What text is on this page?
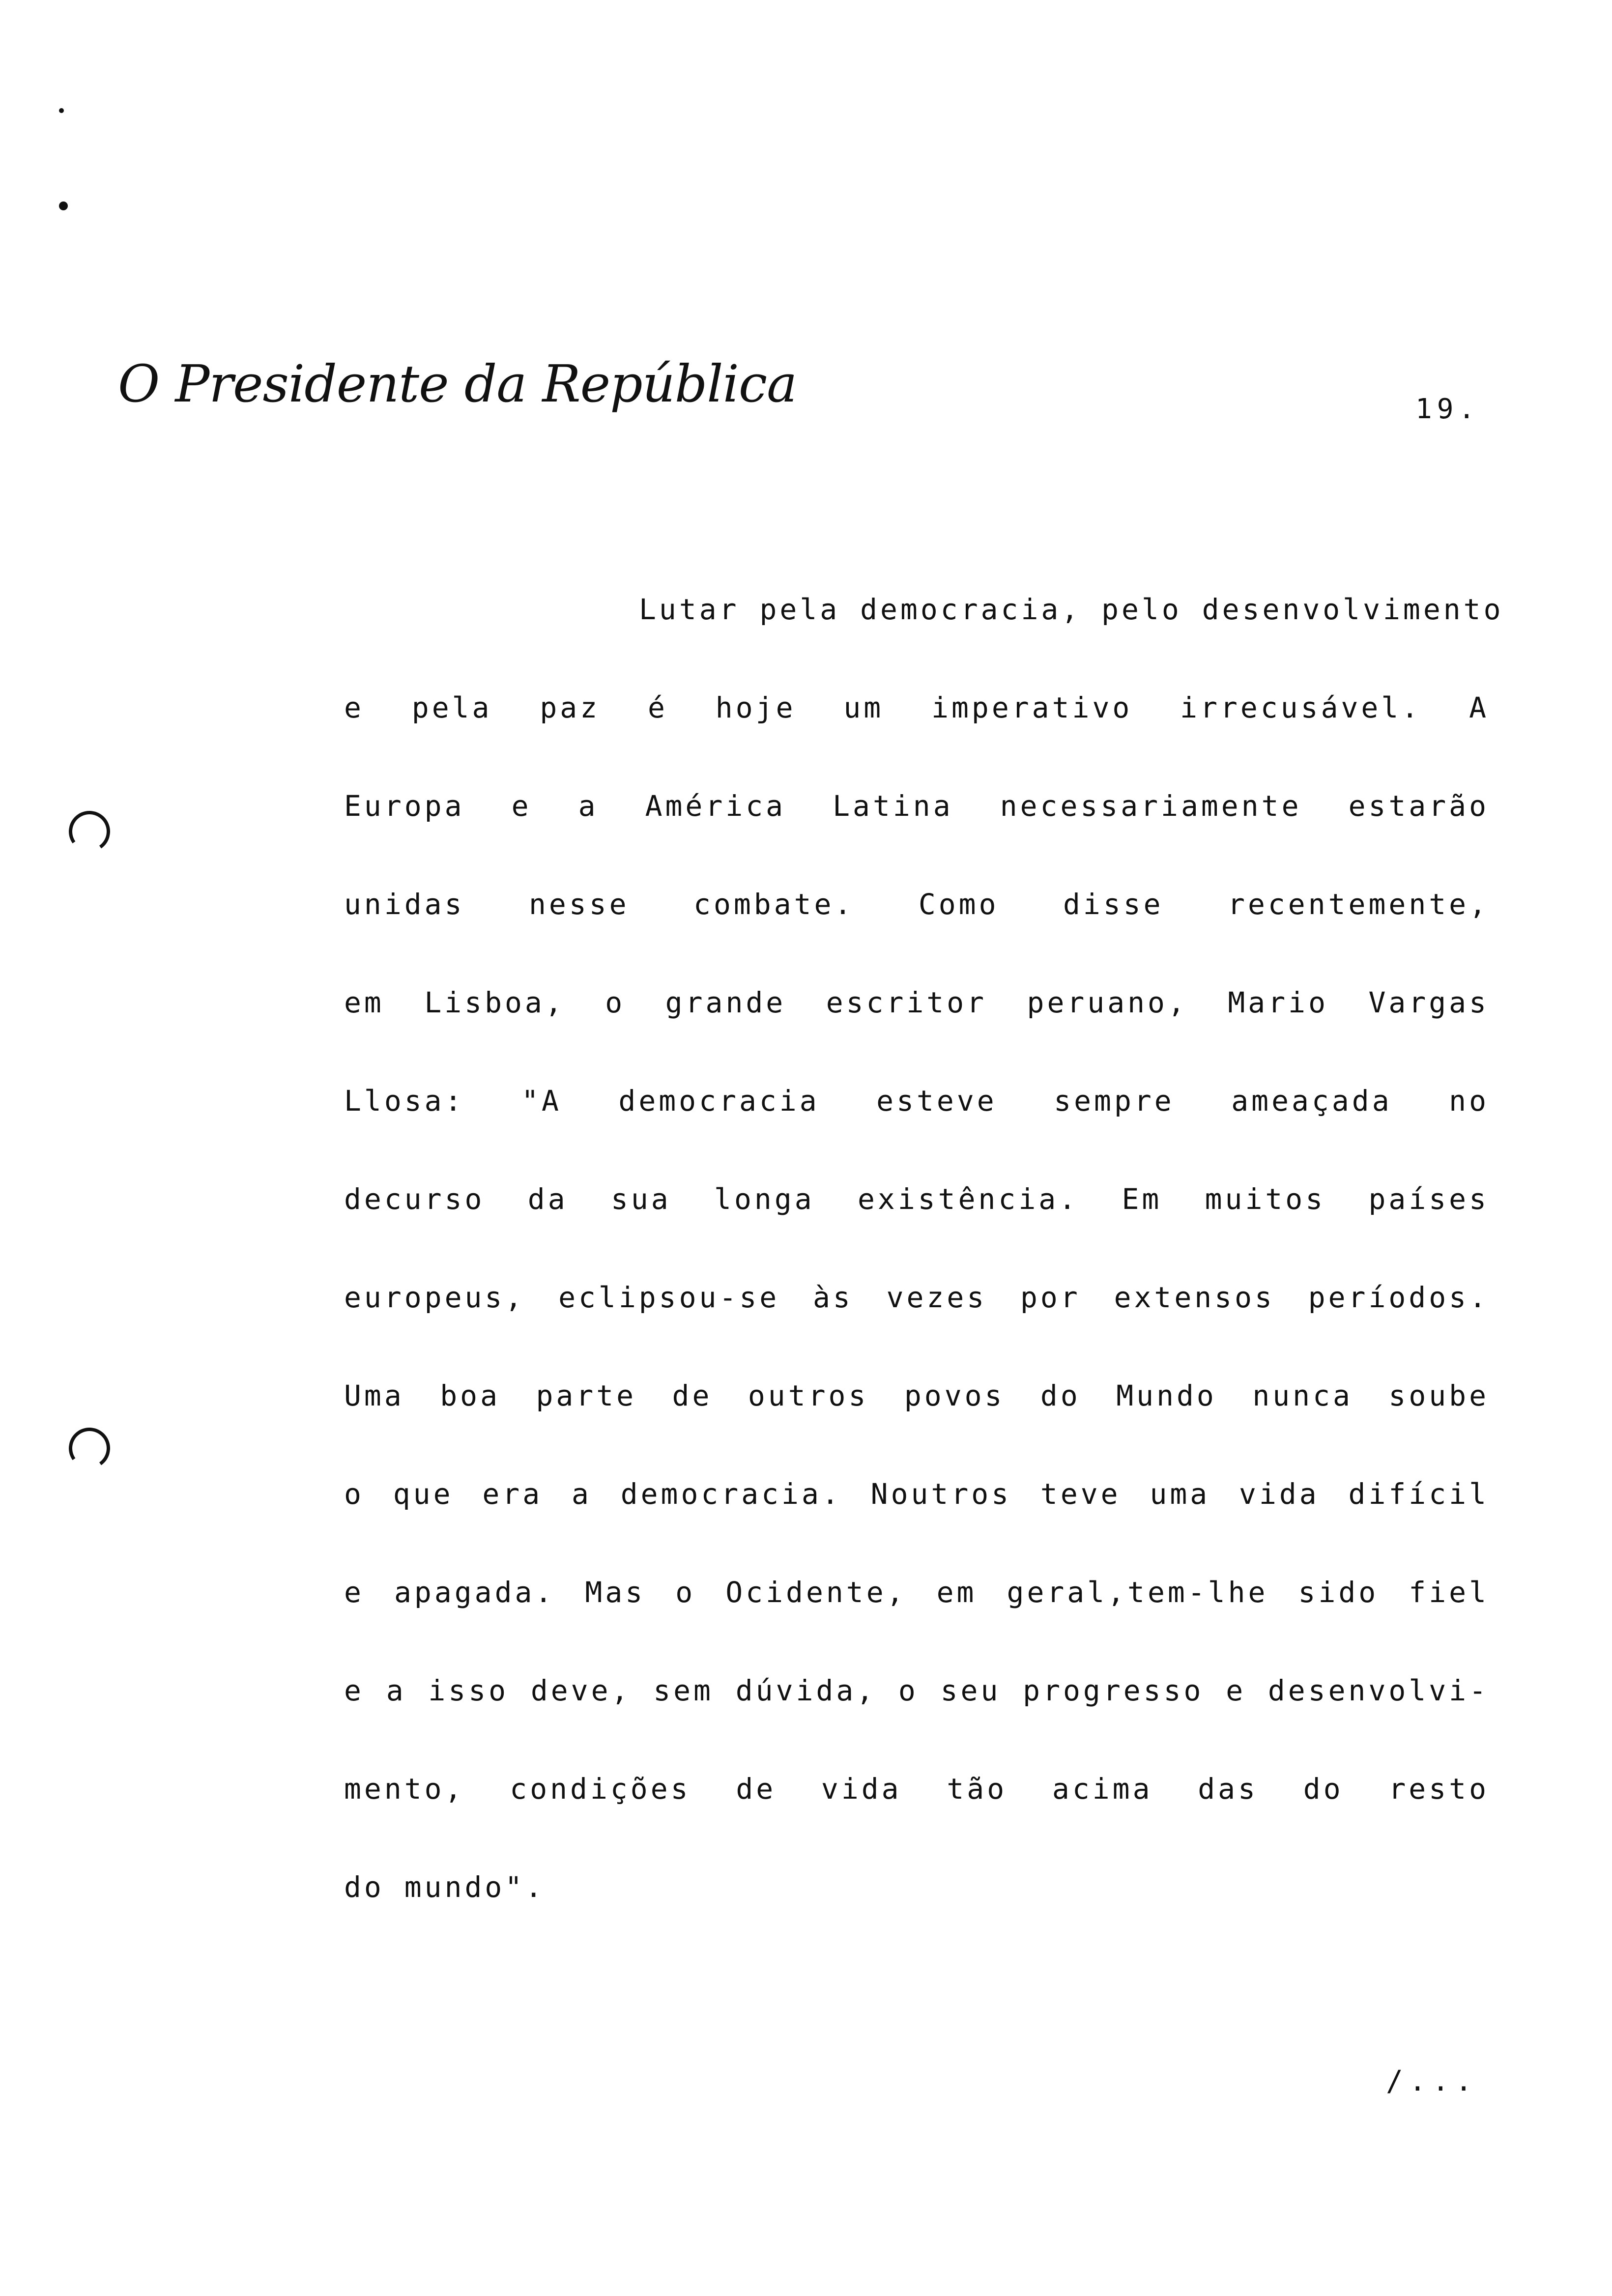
O Presidente da República	19.
Lutar pela democracia, pelo desenvolvimento
e pela paz é hoje um imperativo irrecusável. A
Europa e a América Latina necessariamente estarão
unidas nesse combate. Como disse recentemente,
em Lisboa, o grande escritor peruano, Mario Vargas
Llosa: "A democracia esteve sempre ameaçada no
decurso da sua longa existência. Em muitos países
europeus, eclipsou-se às vezes por extensos períodos.
Uma boa parte de outros povos do Mundo nunca soube
o que era a democracia. Noutros teve uma vida difícil
e apagada. Mas o Ocidente, em geral,tem-lhe sido fiel
e a isso deve, sem dúvida, o seu progresso e desenvolvi-
mento, condições de vida tão acima das do resto
do mundo".
/...
